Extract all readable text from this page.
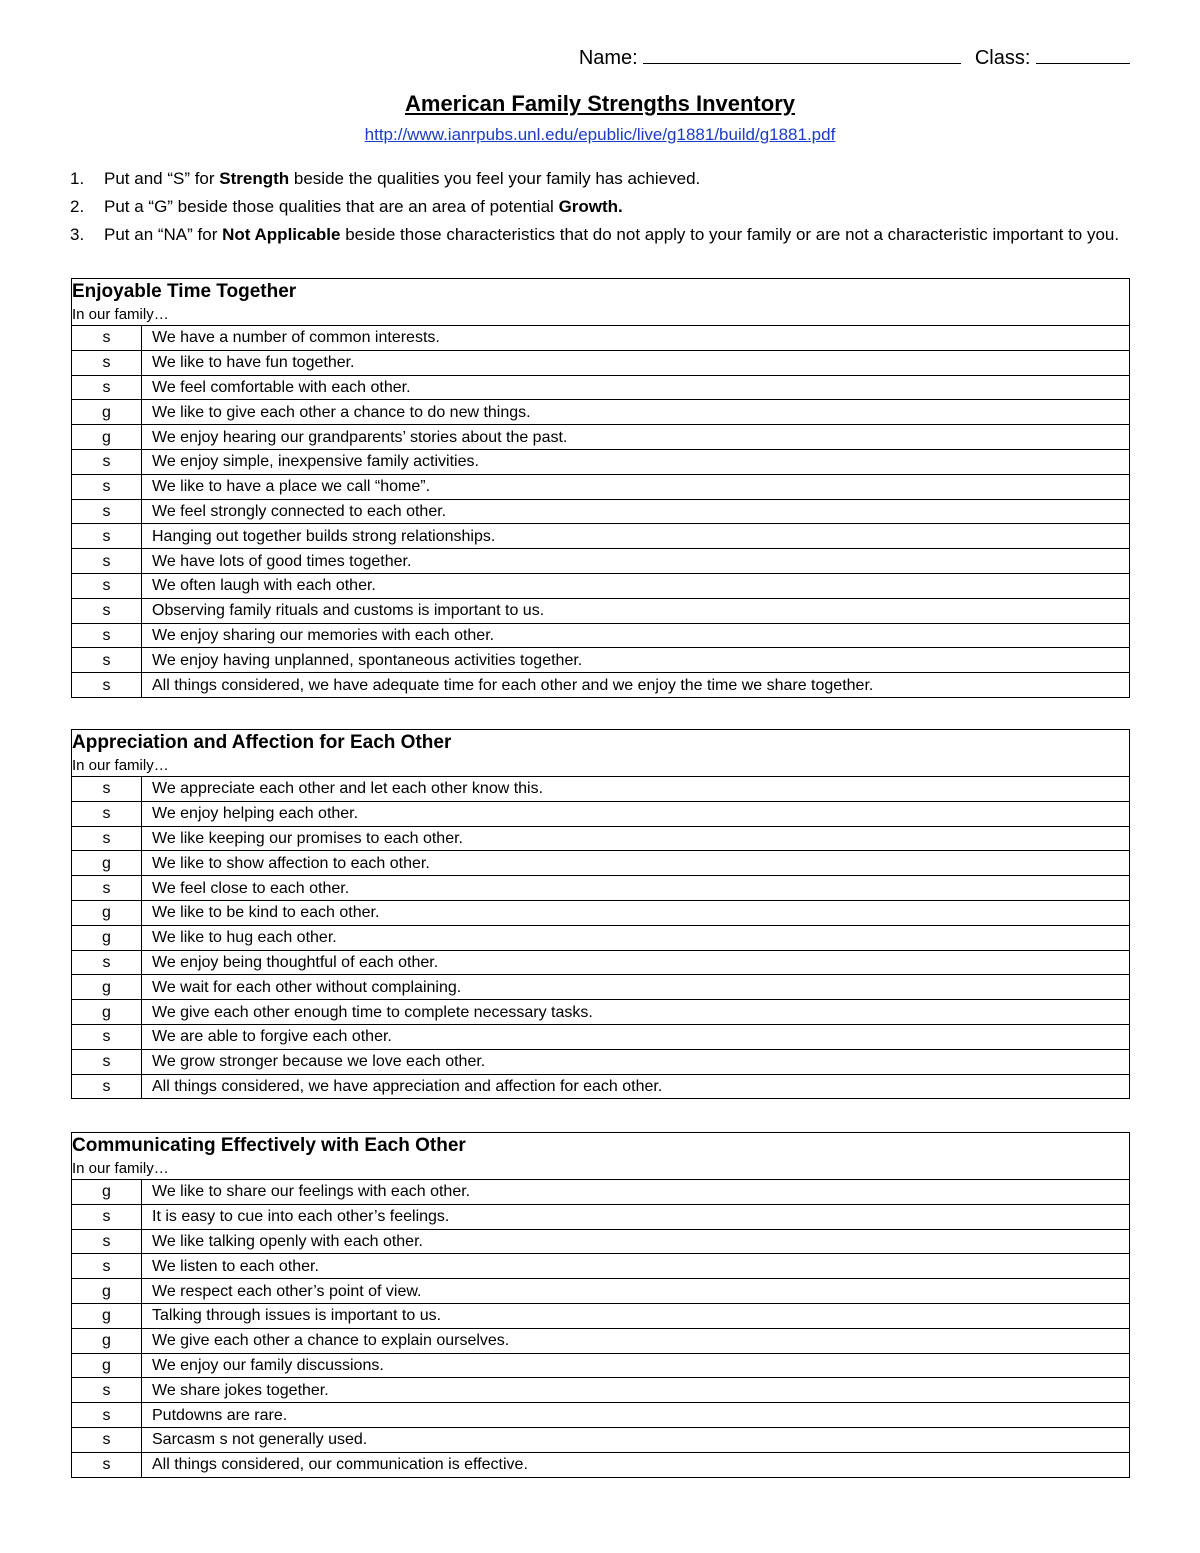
Name:	Class:
American Family Strengths Inventory
http://www.ianrpubs.unl.edu/epublic/live/g1881/build/g1881.pdf
1.	Put and “S” for Strength beside the qualities you feel your family has achieved.
2.	Put a “G” beside those qualities that are an area of potential Growth.
3.	Put an “NA” for Not Applicable beside those characteristics that do not apply to your family or are not a characteristic important to you.
Enjoyable Time Together
In our family…	

s	We have a number of common interests.
s	We like to have fun together.
s	We feel comfortable with each other.
g	We like to give each other a chance to do new things.
g	We enjoy hearing our grandparents’ stories about the past.
s	We enjoy simple, inexpensive family activities.
s	We like to have a place we call “home”.
s	We feel strongly connected to each other.
s	Hanging out together builds strong relationships.
s	We have lots of good times together.
s	We often laugh with each other.
s	Observing family rituals and customs is important to us.
s	We enjoy sharing our memories with each other.
s	We enjoy having unplanned, spontaneous activities together.
s	All things considered, we have adequate time for each other and we enjoy the time we share together.
Appreciation and Affection for Each Other
In our family…	

s	We appreciate each other and let each other know this.
s	We enjoy helping each other.
s	We like keeping our promises to each other.
g	We like to show affection to each other.
s	We feel close to each other.
g	We like to be kind to each other.
g	We like to hug each other.
s	We enjoy being thoughtful of each other.
g	We wait for each other without complaining.
g	We give each other enough time to complete necessary tasks.
s	We are able to forgive each other.
s	We grow stronger because we love each other.
s	All things considered, we have appreciation and affection for each other.
Communicating Effectively with Each Other
In our family…	

g	We like to share our feelings with each other.
s	It is easy to cue into each other’s feelings.
s	We like talking openly with each other.
s	We listen to each other.
g	We respect each other’s point of view.
g	Talking through issues is important to us.
g	We give each other a chance to explain ourselves.
g	We enjoy our family discussions.
s	We share jokes together.
s	Putdowns are rare.
s	Sarcasm s not generally used.
s	All things considered, our communication is effective.
